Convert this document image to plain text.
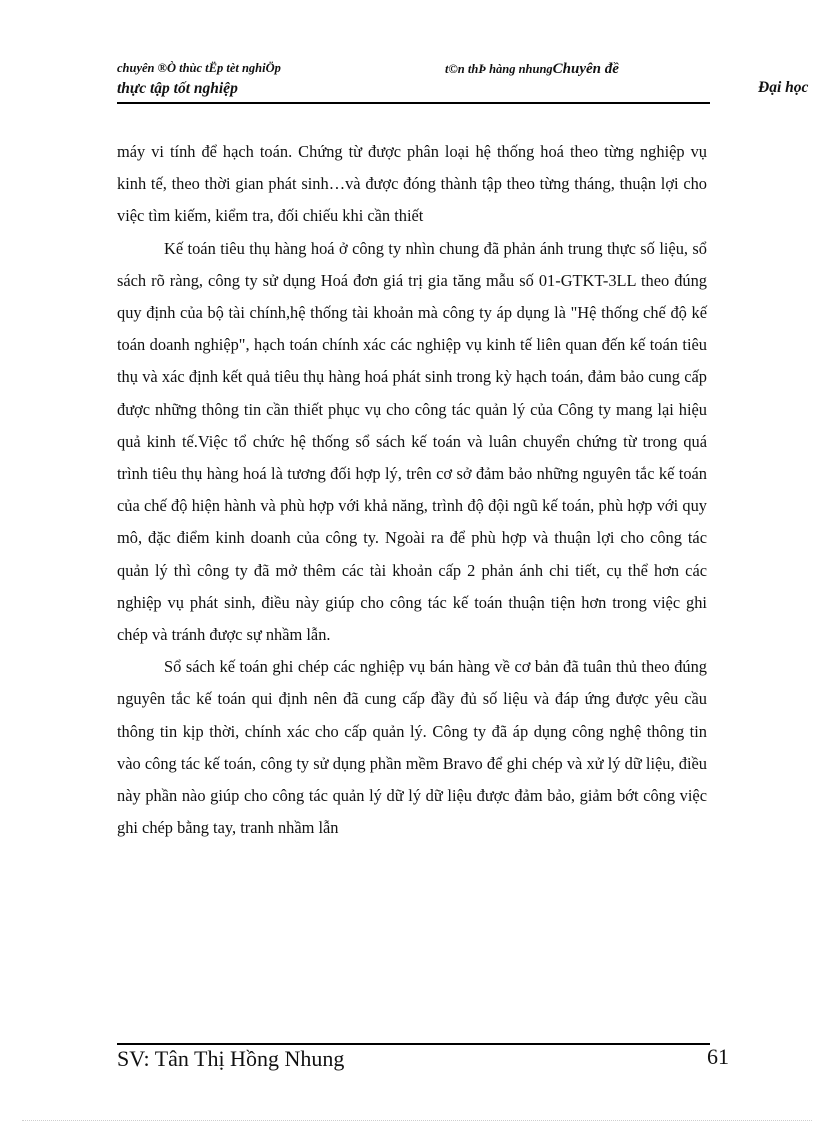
chuyên ®Ò thùc tËp tèt nghiÖp	t©n thÞ hàng nhungChuyên đề
thực tập tốt nghiệp	Đại học

máy vi tính để hạch toán. Chứng từ được phân loại hệ thống hoá theo từng nghiệp vụ kinh tế, theo thời gian phát sinh…và được đóng thành tập theo từng tháng, thuận lợi cho việc tìm kiếm, kiểm tra, đối chiếu khi cần thiết

Kế toán tiêu thụ hàng hoá ở công ty nhìn chung đã phản ánh trung thực số liệu, sổ sách rõ ràng, công ty sử dụng Hoá đơn giá trị gia tăng mẫu số 01-GTKT-3LL theo đúng quy định của bộ tài chính,hệ thống tài khoản mà công ty áp dụng là "Hệ thống chế độ kế toán doanh nghiệp", hạch toán chính xác các nghiệp vụ kinh tế liên quan đến kế toán tiêu thụ và xác định kết quả tiêu thụ hàng hoá phát sinh trong kỳ hạch toán, đảm bảo cung cấp được những thông tin cần thiết phục vụ cho công tác quản lý của Công ty mang lại hiệu quả kinh tế.Việc tổ chức hệ thống sổ sách kế toán và luân chuyển chứng từ trong quá trình tiêu thụ hàng hoá là tương đối hợp lý, trên cơ sở đảm bảo những nguyên tắc kế toán của chế độ hiện hành và phù hợp với khả năng, trình độ đội ngũ kế toán, phù hợp với quy mô, đặc điểm kinh doanh của công ty. Ngoài ra để phù hợp và thuận lợi cho công tác quản lý thì công ty đã mở thêm các tài khoản cấp 2 phản ánh chi tiết, cụ thể hơn các nghiệp vụ phát sinh, điều này giúp cho công tác kế toán thuận tiện hơn trong việc ghi chép và tránh được sự nhầm lẫn.

Sổ sách kế toán ghi chép các nghiệp vụ bán hàng về cơ bản đã tuân thủ theo đúng nguyên tắc kế toán qui định nên đã cung cấp đầy đủ số liệu và đáp ứng được yêu cầu thông tin kịp thời, chính xác cho cấp quản lý. Công ty đã áp dụng công nghệ thông tin vào công tác kế toán, công ty sử dụng phần mềm Bravo để ghi chép và xử lý dữ liệu, điều này phần nào giúp cho công tác quản lý dữ lý dữ liệu được đảm bảo, giảm bớt công việc ghi chép bằng tay, tranh nhầm lẫn

SV: Tân Thị Hồng Nhung	61
